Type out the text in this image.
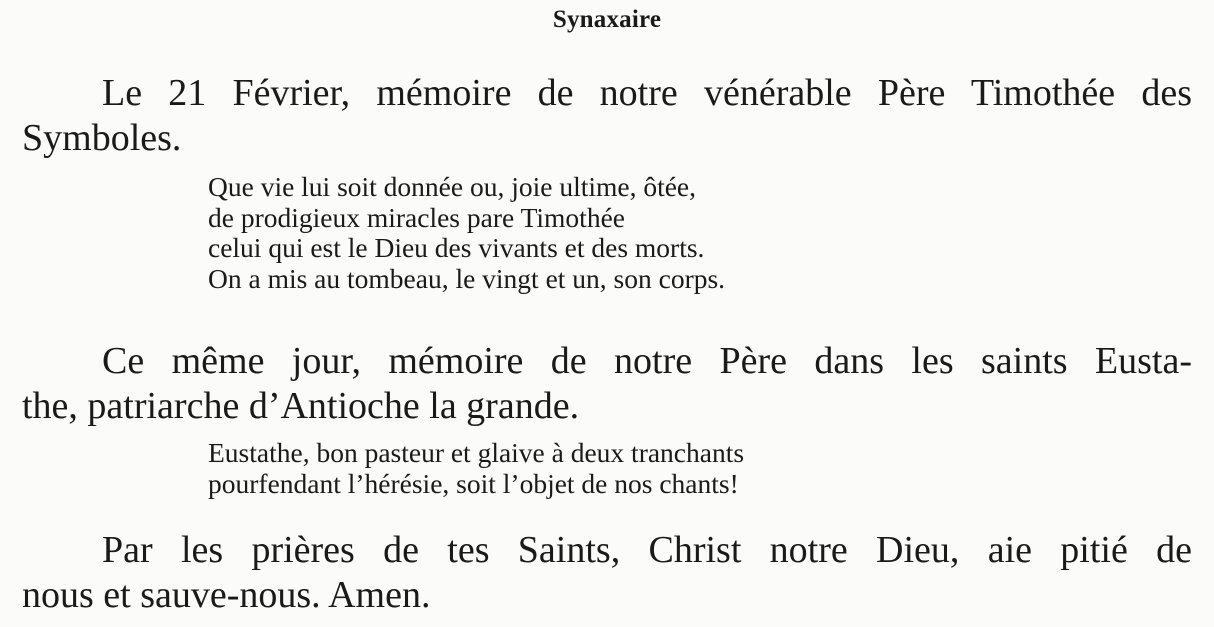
Synaxaire
Le 21 Février, mémoire de notre vénérable Père Timothée des
Symboles.
Que vie lui soit donnée ou, joie ultime, ôtée,
de prodigieux miracles pare Timothée
celui qui est le Dieu des vivants et des morts.
On a mis au tombeau, le vingt et un, son corps.
Ce même jour, mémoire de notre Père dans les saints Eusta-
the, patriarche d’Antioche la grande.
Eustathe, bon pasteur et glaive à deux tranchants
pourfendant l’hérésie, soit l’objet de nos chants!
Par les prières de tes Saints, Christ notre Dieu, aie pitié de
nous et sauve-nous. Amen.
